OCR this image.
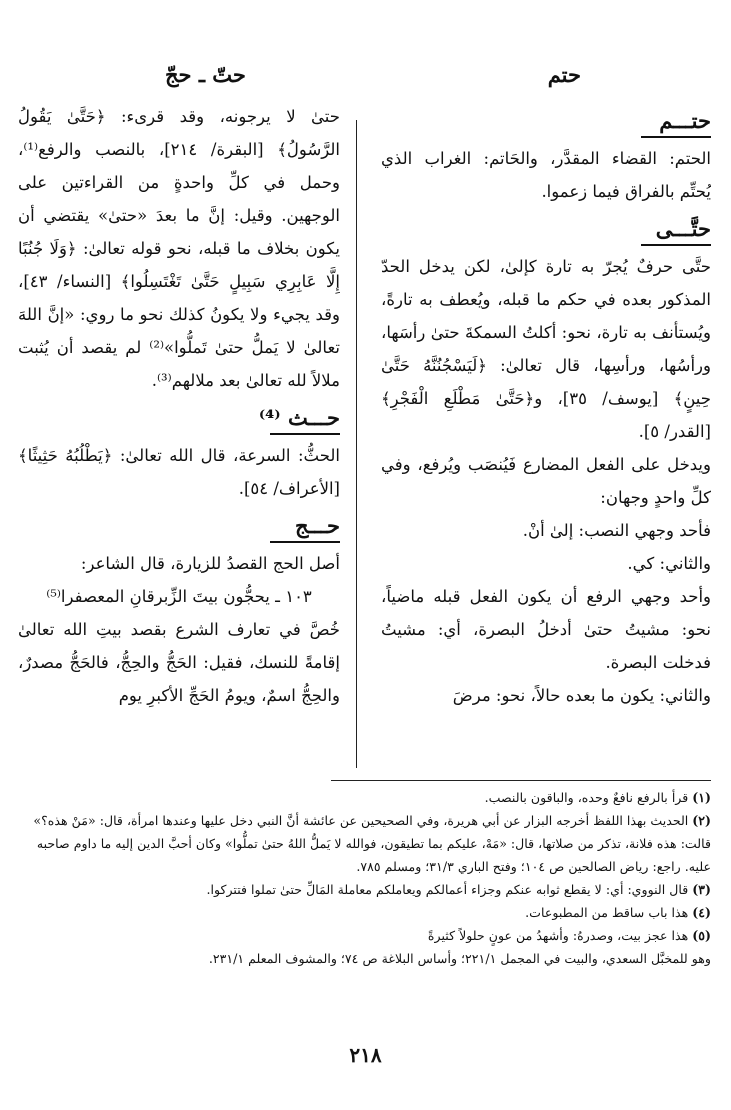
حتم
حتّ ـ حجّ
حتـــم

الحتم: القضاء المقدَّر، والحَاتم: الغراب الذي يُحتِّم بالفراق فيما زعموا.

حتَّـــى

حتَّى حرفٌ يُجرّ به تارة كإلىٰ، لكن يدخل الحدّ المذكور بعده في حكم ما قبله، ويُعطف به تارةً، ويُستأنف به تارة، نحو: أكلتُ السمكةَ حتىٰ رأسَها، ورأسُها، ورأسِها، قال تعالىٰ: ﴿لَيَسْجُنُنَّهُ حَتَّىٰ حِينٍ﴾ [يوسف/ ٣٥]، و﴿حَتَّىٰ مَطْلَعِ الْفَجْرِ﴾ [القدر/ ٥].

ويدخل على الفعل المضارع فَيُنصَب ويُرفع، وفي كلِّ واحدٍ وجهان:

فأحد وجهي النصب: إلىٰ أنْ.

والثاني: كي.

وأحد وجهي الرفع أن يكون الفعل قبله ماضياً، نحو: مشيتُ حتىٰ أدخلُ البصرة، أي: مشيتُ فدخلت البصرة.

والثاني: يكون ما بعده حالاً، نحو: مرضَ

حتىٰ لا يرجونه، وقد قرىء: ﴿حَتَّىٰ يَقُولُ الرَّسُولُ﴾ [البقرة/ ٢١٤]، بالنصب والرفع⁽¹⁾، وحمل في كلِّ واحدةٍ من القراءتين على الوجهين. وقيل: إنَّ ما بعدَ «حتىٰ» يقتضي أن يكون بخلاف ما قبله، نحو قوله تعالىٰ: ﴿وَلَا جُنُبًا إِلَّا عَابِرِي سَبِيلٍ حَتَّىٰ تَغْتَسِلُوا﴾ [النساء/ ٤٣]، وقد يجيء ولا يكونُ كذلك نحو ما روي: «إنَّ اللهَ تعالىٰ لا يَملُّ حتىٰ تَملُّوا»⁽²⁾ لم يقصد أن يُثبت ملالاً لله تعالىٰ بعد ملالهم⁽³⁾.

حـــث ⁽⁴⁾

الحثُّ: السرعة، قال الله تعالىٰ: ﴿يَطْلُبُهُ حَثِيثًا﴾ [الأعراف/ ٥٤].

حـــج

أصل الحج القصدُ للزيارة، قال الشاعر:

١٠٣ ـ يحجُّون بيتَ الزِّبرقانِ المعصفرا⁽⁵⁾

خُصَّ في تعارف الشرع بقصد بيتِ الله تعالىٰ إقامةً للنسك، فقيل: الحَجُّ والحِجُّ، فالحَجُّ مصدرٌ، والحِجُّ اسمٌ، ويومُ الحَجِّ الأكبرِ يوم

(١) قرأ بالرفع نافعٌ وحده، والباقون بالنصب.

(٢) الحديث بهذا اللفظ أخرجه البزار عن أبي هريرة، وفي الصحيحين عن عائشة أنَّ النبي دخل عليها وعندها امرأة، قال: «مَنْ هذه؟» قالت: هذه فلانة، تذكر من صلاتها، قال: «مَهْ، عليكم بما تطيقون، فوالله لا يَملُّ اللهُ حتىٰ تملُّوا» وكان أحبَّ الدين إليه ما داوم صاحبه عليه. راجع: رياض الصالحين ص ١٠٤؛ وفتح الباري ٣١/٣؛ ومسلم ٧٨٥.

(٣) قال النووي: أي: لا يقطع ثوابه عنكم وجزاء أعمالكم ويعاملكم معاملة المَالِّ حتىٰ تملوا فتتركوا.

(٤) هذا باب ساقط من المطبوعات.

(٥) هذا عجز بيت، وصدرهُ: وأشهدُ من عونٍ حلولاً كثيرةً

وهو للمخبَّل السعدي، والبيت في المجمل ٢٢١/١؛ وأساس البلاغة ص ٧٤؛ والمشوف المعلم ٢٣١/١.

٢١٨
